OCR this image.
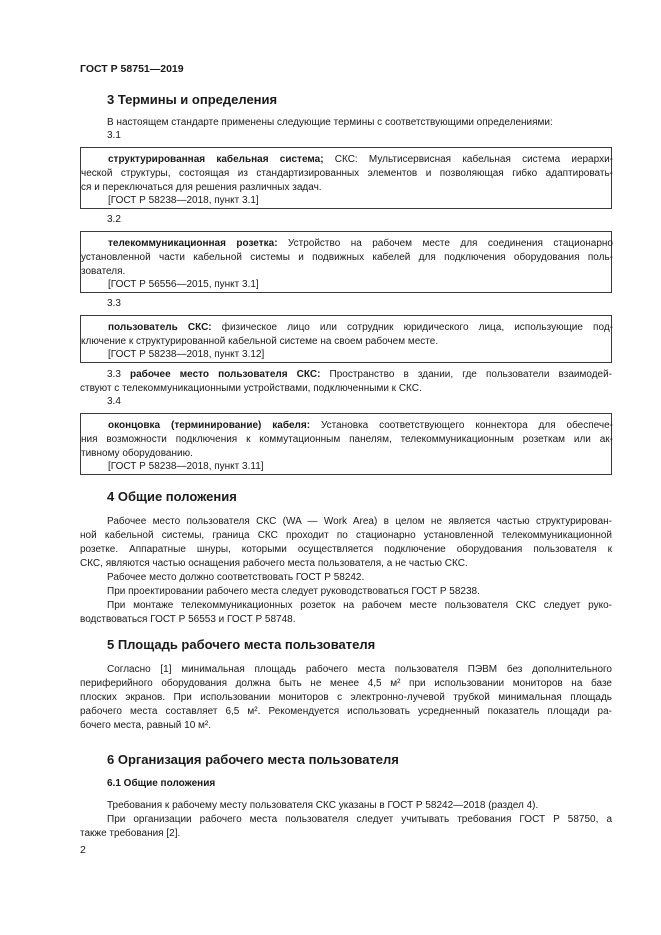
ГОСТ Р 58751—2019
3 Термины и определения
В настоящем стандарте применены следующие термины с соответствующими определениями:
3.1
структурированная кабельная система; СКС: Мультисервисная кабельная система иерархи-
ческой структуры, состоящая из стандартизированных элементов и позволяющая гибко адаптировать-
ся и переключаться для решения различных задач.
[ГОСТ Р 58238—2018, пункт 3.1]
3.2
телекоммуникационная розетка: Устройство на рабочем месте для соединения стационарно
установленной части кабельной системы и подвижных кабелей для подключения оборудования поль-
зователя.
[ГОСТ Р 56556—2015, пункт 3.1]
3.3
пользователь СКС: физическое лицо или сотрудник юридического лица, использующие под-
ключение к структурированной кабельной системе на своем рабочем месте.
[ГОСТ Р 58238—2018, пункт 3.12]
3.3 рабочее место пользователя СКС: Пространство в здании, где пользователи взаимодей-
ствуют с телекоммуникационными устройствами, подключенными к СКС.
3.4
оконцовка (терминирование) кабеля: Установка соответствующего коннектора для обеспече-
ния возможности подключения к коммутационным панелям, телекоммуникационным розеткам или ак-
тивному оборудованию.
[ГОСТ Р 58238—2018, пункт 3.11]
4 Общие положения
Рабочее место пользователя СКС (WA — Work Area) в целом не является частью структурирован-
ной кабельной системы, граница СКС проходит по стационарно установленной телекоммуникационной
розетке. Аппаратные шнуры, которыми осуществляется подключение оборудования пользователя к
СКС, являются частью оснащения рабочего места пользователя, а не частью СКС.
Рабочее место должно соответствовать ГОСТ Р 58242.
При проектировании рабочего места следует руководствоваться ГОСТ Р 58238.
При монтаже телекоммуникационных розеток на рабочем месте пользователя СКС следует руко-
водствоваться ГОСТ Р 56553 и ГОСТ Р 58748.
5 Площадь рабочего места пользователя
Согласно [1] минимальная площадь рабочего места пользователя ПЭВМ без дополнительного
периферийного оборудования должна быть не менее 4,5 м² при использовании мониторов на базе
плоских экранов. При использовании мониторов с электронно-лучевой трубкой минимальная площадь
рабочего места составляет 6,5 м². Рекомендуется использовать усредненный показатель площади ра-
бочего места, равный 10 м².
6 Организация рабочего места пользователя
6.1 Общие положения
Требования к рабочему месту пользователя СКС указаны в ГОСТ Р 58242—2018 (раздел 4).
При организации рабочего места пользователя следует учитывать требования ГОСТ Р 58750, а
также требования [2].
2
